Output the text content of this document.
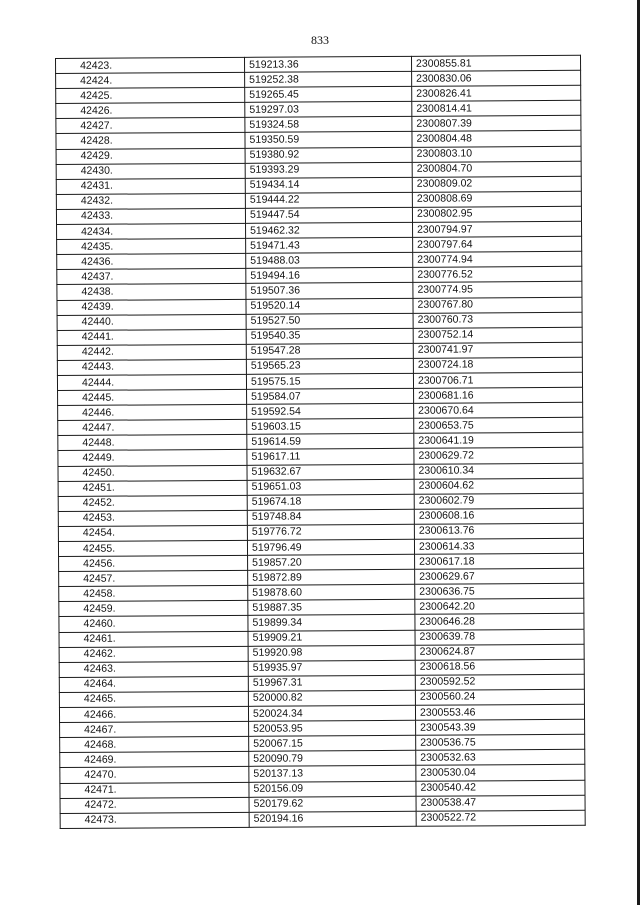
833
42423.	519213.36	2300855.81
42424.	519252.38	2300830.06
42425.	519265.45	2300826.41
42426.	519297.03	2300814.41
42427.	519324.58	2300807.39
42428.	519350.59	2300804.48
42429.	519380.92	2300803.10
42430.	519393.29	2300804.70
42431.	519434.14	2300809.02
42432.	519444.22	2300808.69
42433.	519447.54	2300802.95
42434.	519462.32	2300794.97
42435.	519471.43	2300797.64
42436.	519488.03	2300774.94
42437.	519494.16	2300776.52
42438.	519507.36	2300774.95
42439.	519520.14	2300767.80
42440.	519527.50	2300760.73
42441.	519540.35	2300752.14
42442.	519547.28	2300741.97
42443.	519565.23	2300724.18
42444.	519575.15	2300706.71
42445.	519584.07	2300681.16
42446.	519592.54	2300670.64
42447.	519603.15	2300653.75
42448.	519614.59	2300641.19
42449.	519617.11	2300629.72
42450.	519632.67	2300610.34
42451.	519651.03	2300604.62
42452.	519674.18	2300602.79
42453.	519748.84	2300608.16
42454.	519776.72	2300613.76
42455.	519796.49	2300614.33
42456.	519857.20	2300617.18
42457.	519872.89	2300629.67
42458.	519878.60	2300636.75
42459.	519887.35	2300642.20
42460.	519899.34	2300646.28
42461.	519909.21	2300639.78
42462.	519920.98	2300624.87
42463.	519935.97	2300618.56
42464.	519967.31	2300592.52
42465.	520000.82	2300560.24
42466.	520024.34	2300553.46
42467.	520053.95	2300543.39
42468.	520067.15	2300536.75
42469.	520090.79	2300532.63
42470.	520137.13	2300530.04
42471.	520156.09	2300540.42
42472.	520179.62	2300538.47
42473.	520194.16	2300522.72
